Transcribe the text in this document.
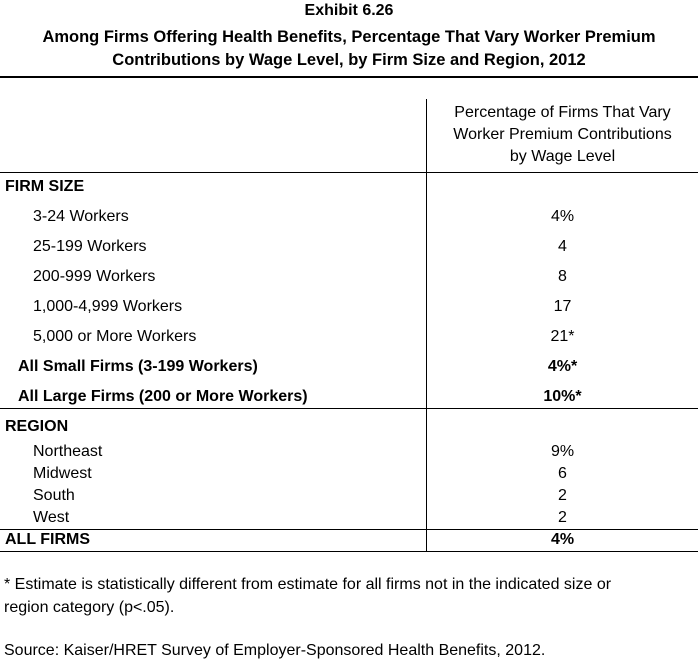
Exhibit 6.26
Among Firms Offering Health Benefits, Percentage That Vary Worker Premium
Contributions by Wage Level, by Firm Size and Region, 2012
Percentage of Firms That Vary
Worker Premium Contributions
by Wage Level
FIRM SIZE
3-24 Workers	4%
25-199 Workers	4
200-999 Workers	8
1,000-4,999 Workers	17
5,000 or More Workers	21*
All Small Firms (3-199 Workers)	4%*
All Large Firms (200 or More Workers)	10%*
REGION
Northeast	9%
Midwest	6
South	2
West	2
ALL FIRMS	4%
* Estimate is statistically different from estimate for all firms not in the indicated size or
region category (p<.05).
Source: Kaiser/HRET Survey of Employer-Sponsored Health Benefits, 2012.
